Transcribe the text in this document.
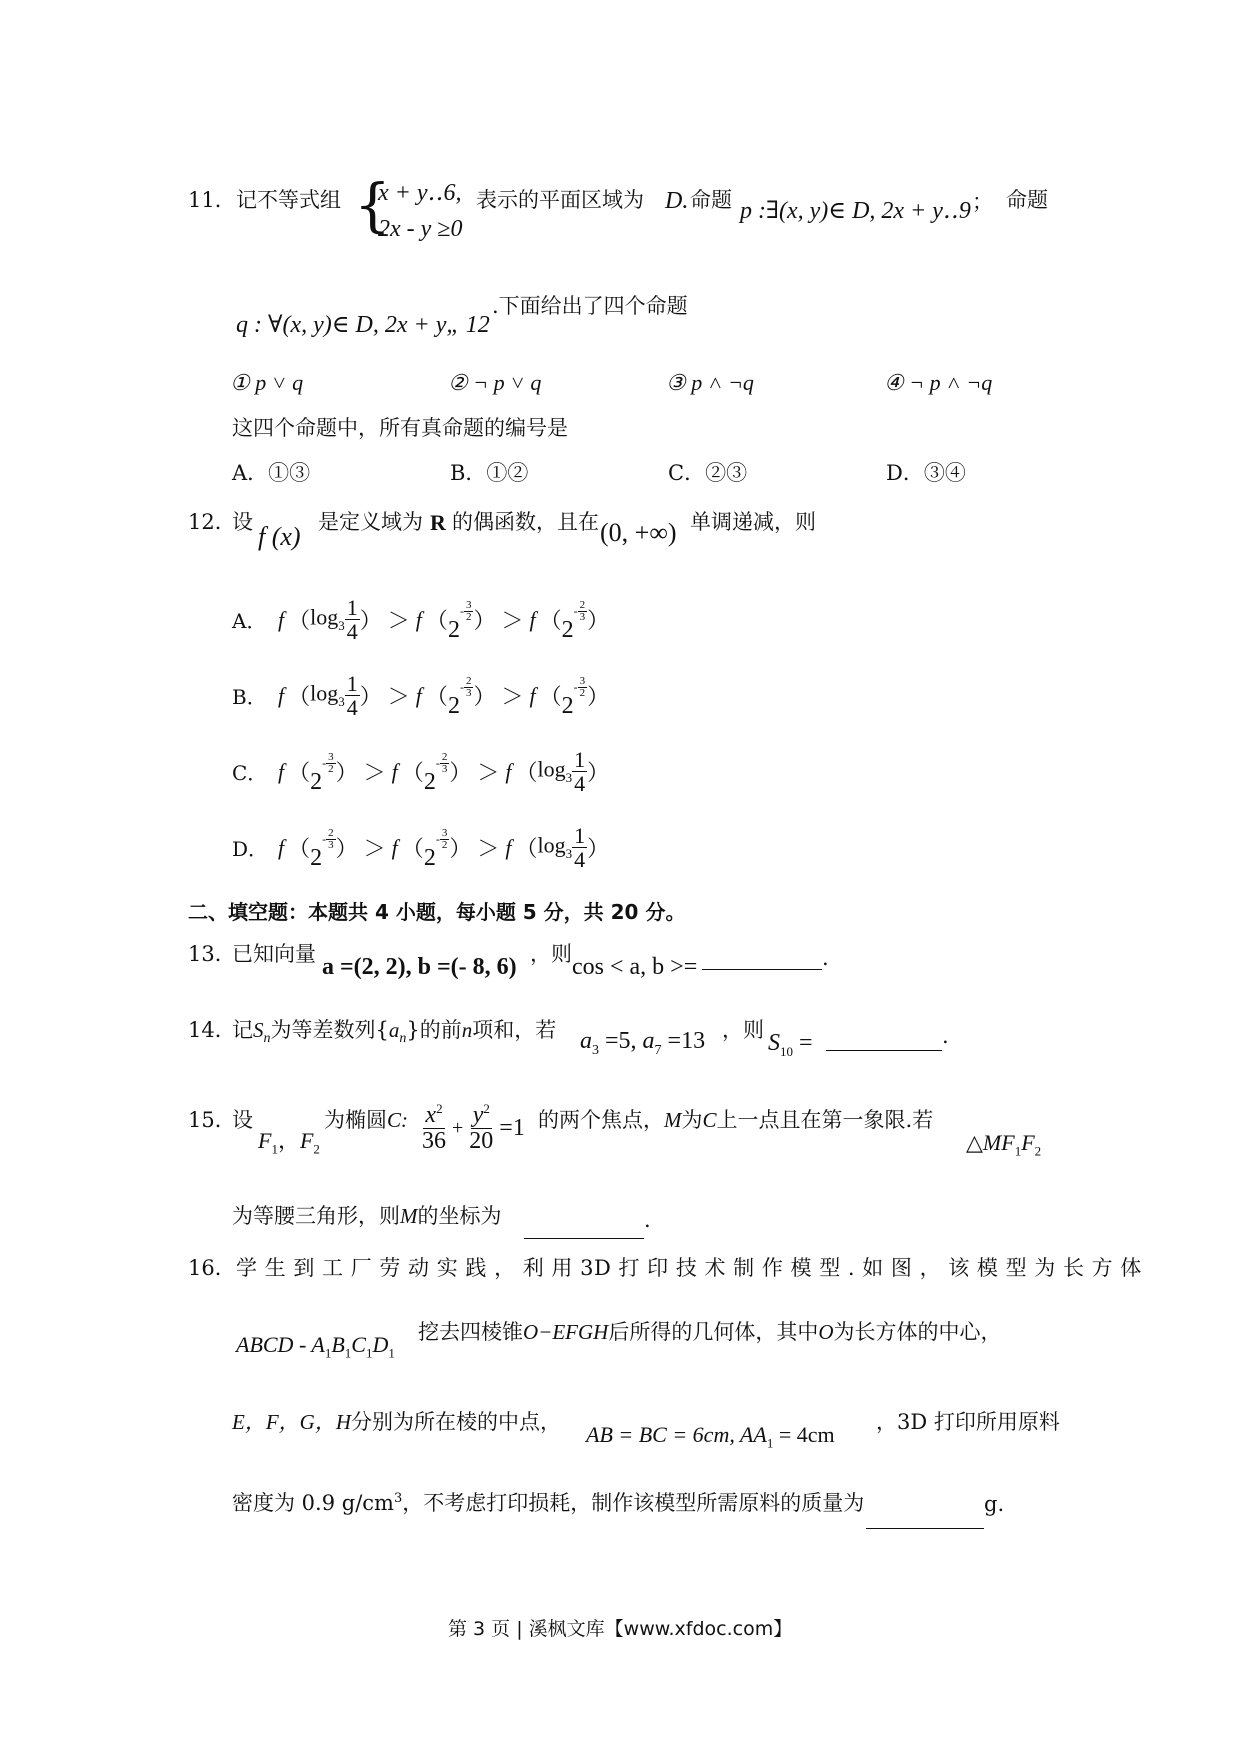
11． 记不等式组 {
x + y‥6,
2x - y ≥0
表示的平面区域为 D. 命题 p :∃(x, y)∈ D, 2x + y‥9 ； 命题
q : ∀(x, y)∈ D, 2x + y„ 12
.下面给出了四个命题
① p ˅ q	② ¬ p ˅ q	③ p ˄ ¬q	④ ¬ p ˄ ¬q
这四个命题中，所有真命题的编号是
A．①③	B．①②	C．②③	D．③④
12．
设 f (x) 是定义域为 R 的偶函数，且在 (0, +∞) 单调递减，则
A． f （ $\log_3 \frac{1}{4}$ ） ＞ f （ 2
- $\frac{3}{2}$ ） ＞ f （ 2
- $\frac{2}{3}$ ）
B． f （ $\log_3 \frac{1}{4}$ ） ＞ f （ 2
- $\frac{2}{3}$ ） ＞ f （ 2
- $\frac{3}{2}$ ）
C． f （ 2
- $\frac{3}{2}$ ） ＞ f （ 2
- $\frac{2}{3}$ ） ＞ f （ $\log_3 \frac{1}{4}$ ）
D． f （ 2
- $\frac{2}{3}$ ） ＞ f （ 2
- $\frac{3}{2}$ ） ＞ f （ $\log_3 \frac{1}{4}$ ）
二、填空题：本题共 4 小题，每小题 5 分，共 20 分。
13．
已知向量 a =(2, 2), b =(- 8, 6) ，则 cos < a, b >=	.
14．
记$S_n$为等差数列$\{a_n\}$的前n项和，若 $a_3 =5$, $a_7 =13$ ，则 $S_{10}$ =	.
15．
设
$F_1$，$F_2$
为椭圆C: $\frac{x^2}{36} + \frac{y^2}{20} =1$ 的两个焦点，M为C上一点且在第一象限.若
$\triangle MF_1F_2$
为等腰三角形，则M的坐标为	.
16． 学 生 到 工 厂 劳 动 实 践 ， 利 用 3D 打 印 技 术 制 作 模 型 . 如 图 ， 该 模 型 为 长 方 体
ABCD - $A_1B_1C_1D_1$
挖去四棱锥O−EFGH后所得的几何体，其中O为长方体的中心，
E，F，G，H分别为所在棱的中点， AB = BC = 6cm, $AA_1 = 4cm$ ，3D 打印所用原料
密度为 0.9 $g/cm^3$，不考虑打印损耗，制作该模型所需原料的质量为	g.
第 3 页 | 溪枫文库【www.xfdoc.com】
